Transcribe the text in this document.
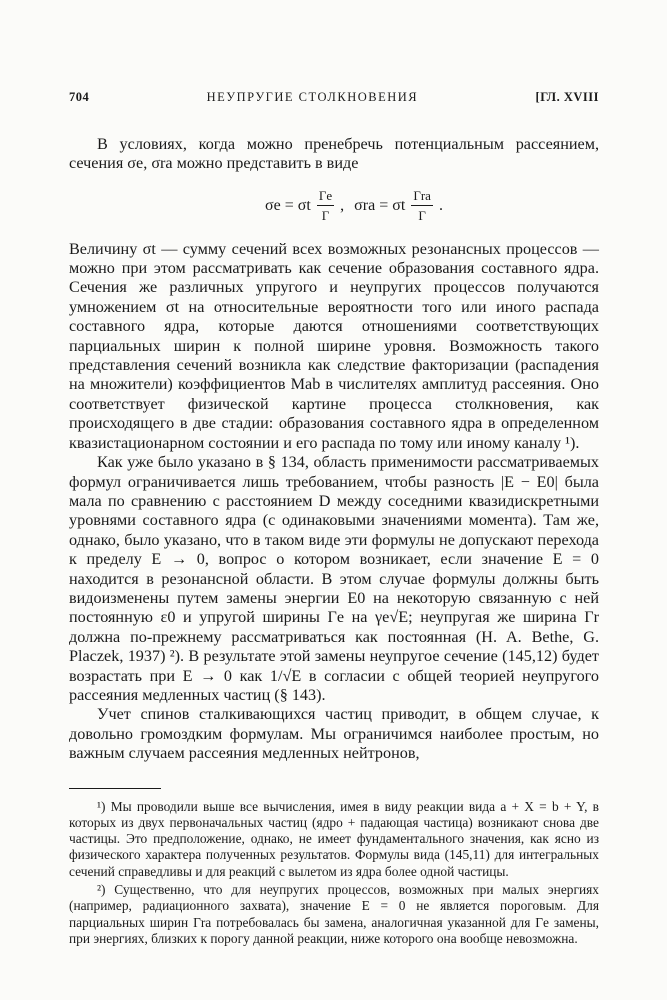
704	НЕУПРУГИЕ СТОЛКНОВЕНИЯ	[ГЛ. XVIII

В условиях, когда можно пренебречь потенциальным рассеянием, сечения σe, σra можно представить в виде

σe = σt $\frac{\Gamma e}{\Gamma}$ , σra = σt $\frac{\text{Γra}}{\Gamma}$ .

Величину σt — сумму сечений всех возможных резонансных процессов — можно при этом рассматривать как сечение образования составного ядра. Сечения же различных упругого и неупругих процессов получаются умножением σt на относительные вероятности того или иного распада составного ядра, которые даются отношениями соответствующих парциальных ширин к полной ширине уровня. Возможность такого представления сечений возникла как следствие факторизации (распадения на множители) коэффициентов Mab в числителях амплитуд рассеяния. Оно соответствует физической картине процесса столкновения, как происходящего в две стадии: образования составного ядра в определенном квазистационарном состоянии и его распада по тому или иному каналу ¹).

Как уже было указано в § 134, область применимости рассматриваемых формул ограничивается лишь требованием, чтобы разность |E − E0| была мала по сравнению с расстоянием D между соседними квазидискретными уровнями составного ядра (с одинаковыми значениями момента). Там же, однако, было указано, что в таком виде эти формулы не допускают перехода к пределу E → 0, вопрос о котором возникает, если значение E = 0 находится в резонансной области. В этом случае формулы должны быть видоизменены путем замены энергии E0 на некоторую связанную с ней постоянную ε0 и упругой ширины Γe на γe√E; неупругая же ширина Γr должна по-прежнему рассматриваться как постоянная (H. A. Bethe, G. Placzek, 1937) ²). В результате этой замены неупругое сечение (145,12) будет возрастать при E → 0 как 1/√E в согласии с общей теорией неупругого рассеяния медленных частиц (§ 143).

Учет спинов сталкивающихся частиц приводит, в общем случае, к довольно громоздким формулам. Мы ограничимся наиболее простым, но важным случаем рассеяния медленных нейтронов,

¹) Мы проводили выше все вычисления, имея в виду реакции вида a + X = b + Y, в которых из двух первоначальных частиц (ядро + падающая частица) возникают снова две частицы. Это предположение, однако, не имеет фундаментального значения, как ясно из физического характера полученных результатов. Формулы вида (145,11) для интегральных сечений справедливы и для реакций с вылетом из ядра более одной частицы.

²) Существенно, что для неупругих процессов, возможных при малых энергиях (например, радиационного захвата), значение E = 0 не является пороговым. Для парциальных ширин Γra потребовалась бы замена, аналогичная указанной для Γe замены, при энергиях, близких к порогу данной реакции, ниже которого она вообще невозможна.
